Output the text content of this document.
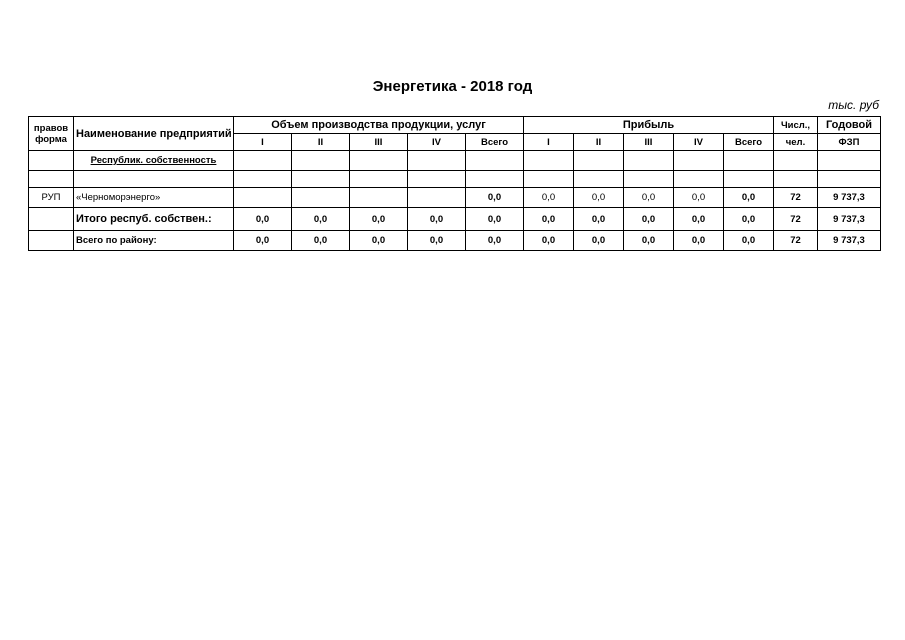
Энергетика - 2018 год
тыс. руб
правов
форма	Наименование предприятий	Объем производства продукции, услуг					Прибыль					Числ.,	Годовой
		I	II	III	IV	Всего	I	II	III	IV	Всего	чел.	ФЗП
	Республик. собственность												

РУП	«Черноморэнерго»					0,0	0,0	0,0	0,0	0,0	0,0	72	9 737,3
	Итого респуб. собствен.:	0,0	0,0	0,0	0,0	0,0	0,0	0,0	0,0	0,0	0,0	72	9 737,3
	Всего по району:	0,0	0,0	0,0	0,0	0,0	0,0	0,0	0,0	0,0	0,0	72	9 737,3
